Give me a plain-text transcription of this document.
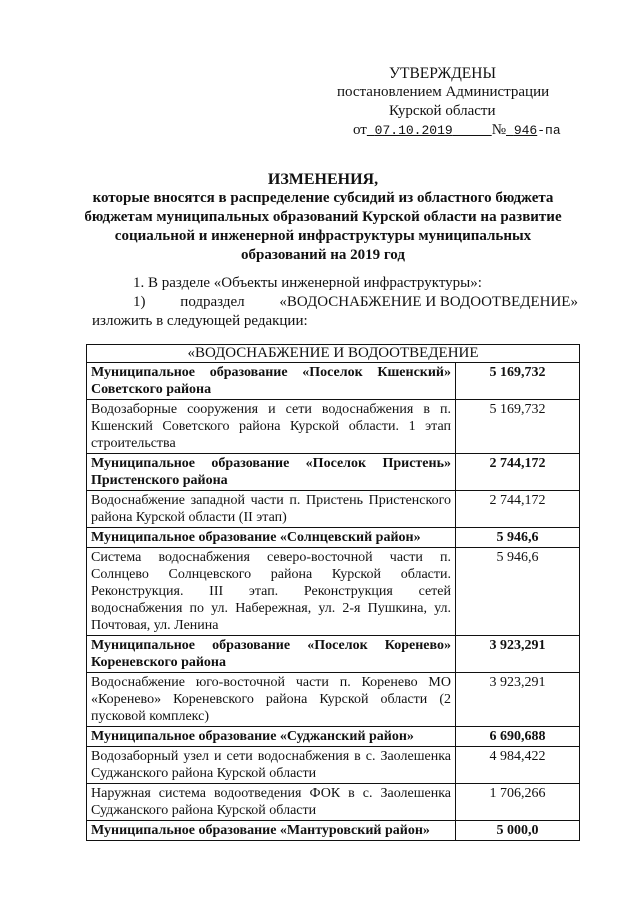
УТВЕРЖДЕНЫ
постановлением Администрации
Курской области
от 07.10.2019	№ 946-па
ИЗМЕНЕНИЯ,
которые вносятся в распределение субсидий из областного бюджета
бюджетам муниципальных образований Курской области на развитие
социальной и инженерной инфраструктуры муниципальных
образований на 2019 год
1. В разделе «Объекты инженерной инфраструктуры»:
1) подраздел «ВОДОСНАБЖЕНИЕ И ВОДООТВЕДЕНИЕ»
изложить в следующей редакции:
«ВОДОСНАБЖЕНИЕ И ВОДООТВЕДЕНИЕ	
Муниципальное образование «Поселок Кшенский» Советского района	5 169,732
Водозаборные сооружения и сети водоснабжения в п. Кшенский Советского района Курской области. 1 этап строительства	5 169,732
Муниципальное образование «Поселок Пристень» Пристенского района	2 744,172
Водоснабжение западной части п. Пристень Пристенского района Курской области (II этап)	2 744,172
Муниципальное образование «Солнцевский район»	5 946,6
Система водоснабжения северо-восточной части п. Солнцево Солнцевского района Курской области. Реконструкция. III этап. Реконструкция сетей водоснабжения по ул. Набережная, ул. 2-я Пушкина, ул. Почтовая, ул. Ленина	5 946,6
Муниципальное образование «Поселок Коренево» Кореневского района	3 923,291
Водоснабжение юго-восточной части п. Коренево МО «Коренево» Кореневского района Курской области (2 пусковой комплекс)	3 923,291
Муниципальное образование «Суджанский район»	6 690,688
Водозаборный узел и сети водоснабжения в с. Заолешенка Суджанского района Курской области	4 984,422
Наружная система водоотведения ФОК в с. Заолешенка Суджанского района Курской области	1 706,266
Муниципальное образование «Мантуровский район»	5 000,0
